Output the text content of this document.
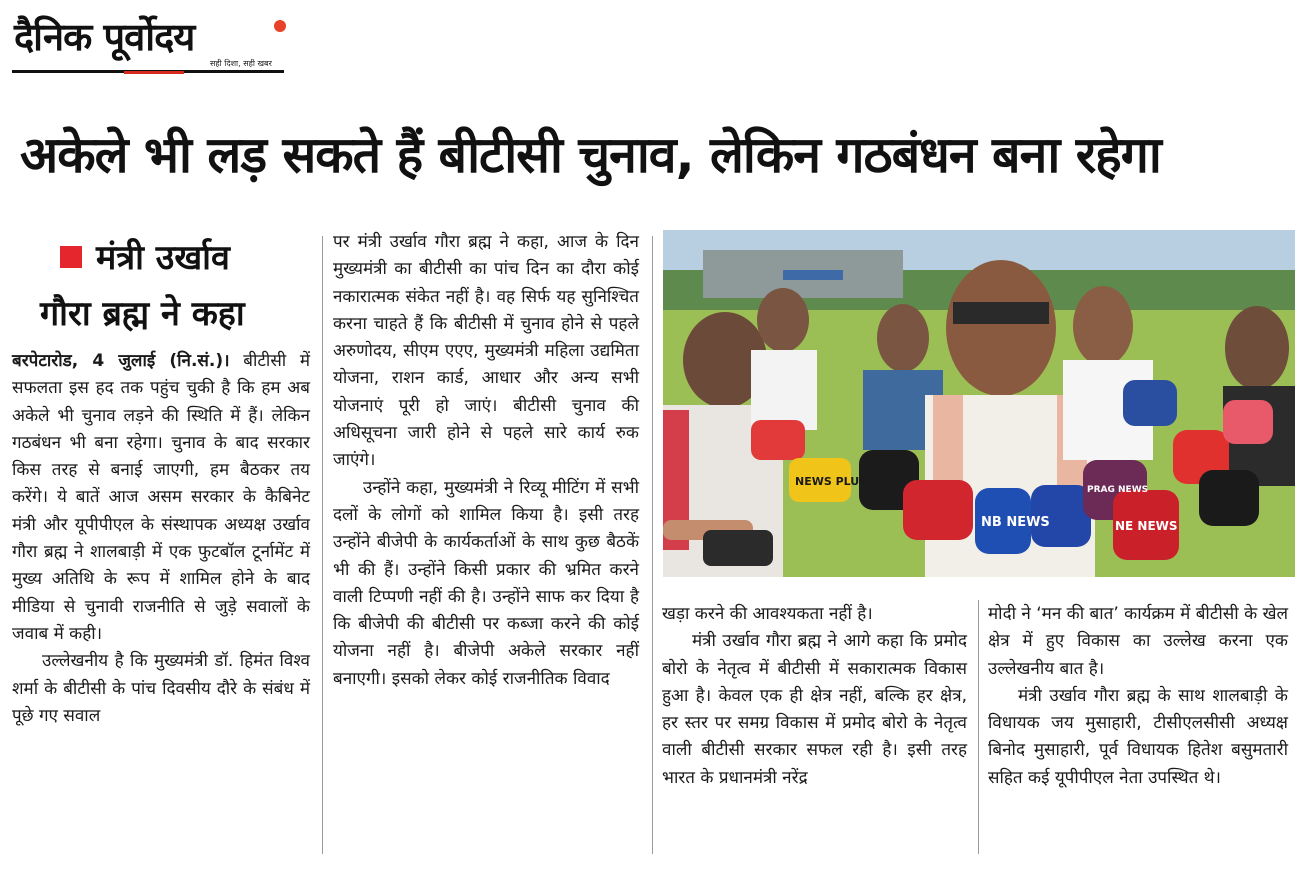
दैनिक पूर्वोदय
सही दिशा, सही खबर
अकेले भी लड़ सकते हैं बीटीसी चुनाव, लेकिन गठबंधन बना रहेगा
मंत्री उर्खाव
गौरा ब्रह्म ने कहा

बरपेटारोड, 4 जुलाई (नि.सं.)। बीटीसी में सफलता इस हद तक पहुंच चुकी है कि हम अब अकेले भी चुनाव लड़ने की स्थिति में हैं। लेकिन गठबंधन भी बना रहेगा। चुनाव के बाद सरकार किस तरह से बनाई जाएगी, हम बैठकर तय करेंगे। ये बातें आज असम सरकार के कैबिनेट मंत्री और यूपीपीएल के संस्थापक अध्यक्ष उर्खाव गौरा ब्रह्म ने शालबाड़ी में एक फुटबॉल टूर्नामेंट में मुख्य अतिथि के रूप में शामिल होने के बाद मीडिया से चुनावी राजनीति से जुड़े सवालों के जवाब में कही।

उल्लेखनीय है कि मुख्यमंत्री डॉ. हिमंत विश्व शर्मा के बीटीसी के पांच दिवसीय दौरे के संबंध में पूछे गए सवाल

पर मंत्री उर्खाव गौरा ब्रह्म ने कहा, आज के दिन मुख्यमंत्री का बीटीसी का पांच दिन का दौरा कोई नकारात्मक संकेत नहीं है। वह सिर्फ यह सुनिश्चित करना चाहते हैं कि बीटीसी में चुनाव होने से पहले अरुणोदय, सीएम एएए, मुख्यमंत्री महिला उद्यमिता योजना, राशन कार्ड, आधार और अन्य सभी योजनाएं पूरी हो जाएं। बीटीसी चुनाव की अधिसूचना जारी होने से पहले सारे कार्य रुक जाएंगे।

उन्होंने कहा, मुख्यमंत्री ने रिव्यू मीटिंग में सभी दलों के लोगों को शामिल किया है। इसी तरह उन्होंने बीजेपी के कार्यकर्ताओं के साथ कुछ बैठकें भी की हैं। उन्होंने किसी प्रकार की भ्रमित करने वाली टिप्पणी नहीं की है। उन्होंने साफ कर दिया है कि बीजेपी की बीटीसी पर कब्जा करने की कोई योजना नहीं है। बीजेपी अकेले सरकार नहीं बनाएगी। इसको लेकर कोई राजनीतिक विवाद

NEWS PLUS
NB NEWS	NE NEWS
PRAG NEWS

खड़ा करने की आवश्यकता नहीं है।

मंत्री उर्खाव गौरा ब्रह्म ने आगे कहा कि प्रमोद बोरो के नेतृत्व में बीटीसी में सकारात्मक विकास हुआ है। केवल एक ही क्षेत्र नहीं, बल्कि हर क्षेत्र, हर स्तर पर समग्र विकास में प्रमोद बोरो के नेतृत्व वाली बीटीसी सरकार सफल रही है। इसी तरह भारत के प्रधानमंत्री नरेंद्र

मोदी ने ‘मन की बात’ कार्यक्रम में बीटीसी के खेल क्षेत्र में हुए विकास का उल्लेख करना एक उल्लेखनीय बात है।

मंत्री उर्खाव गौरा ब्रह्म के साथ शालबाड़ी के विधायक जय मुसाहारी, टीसीएलसीसी अध्यक्ष बिनोद मुसाहारी, पूर्व विधायक हितेश बसुमतारी सहित कई यूपीपीएल नेता उपस्थित थे।
